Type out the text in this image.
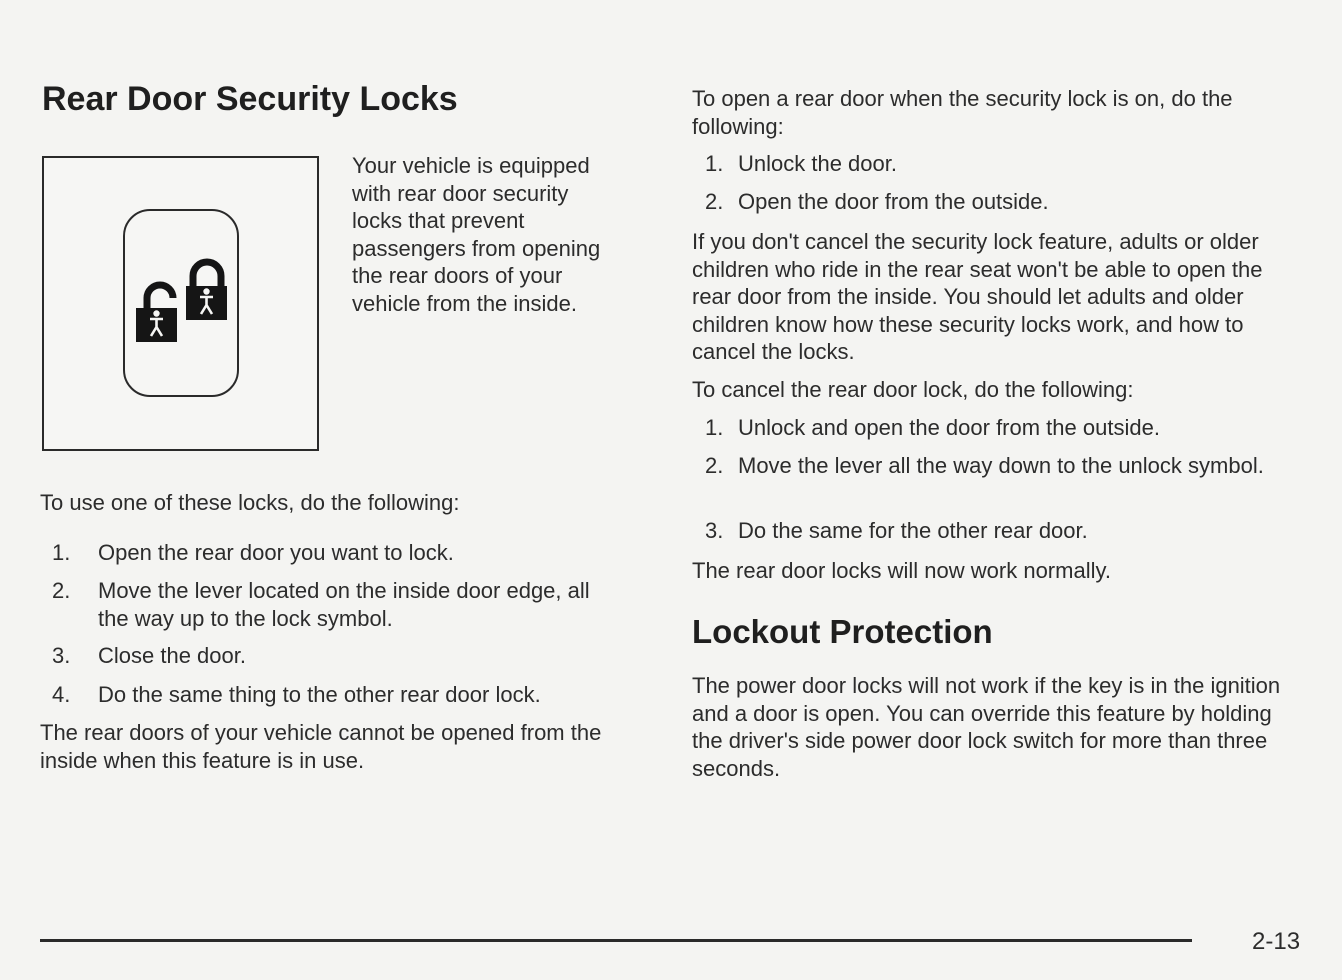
Rear Door Security Locks

Your vehicle is equipped

with rear door security

locks that prevent

passengers from opening

the rear doors of your

vehicle from the inside.

To use one of these locks, do the following:

1. Open the rear door you want to lock.
2. Move the lever located on the inside door edge, all the way up to the lock symbol.
3. Close the door.
4. Do the same thing to the other rear door lock.

The rear doors of your vehicle cannot be opened from the inside when this feature is in use.

To open a rear door when the security lock is on, do the following:

1. Unlock the door.
2. Open the door from the outside.

If you don't cancel the security lock feature, adults or older children who ride in the rear seat won't be able to open the rear door from the inside. You should let adults and older children know how these security locks work, and how to cancel the locks.

To cancel the rear door lock, do the following:

1. Unlock and open the door from the outside.
2. Move the lever all the way down to the unlock symbol.
3. Do the same for the other rear door.

The rear door locks will now work normally.

Lockout Protection

The power door locks will not work if the key is in the ignition and a door is open. You can override this feature by holding the driver's side power door lock switch for more than three seconds.

2-13
